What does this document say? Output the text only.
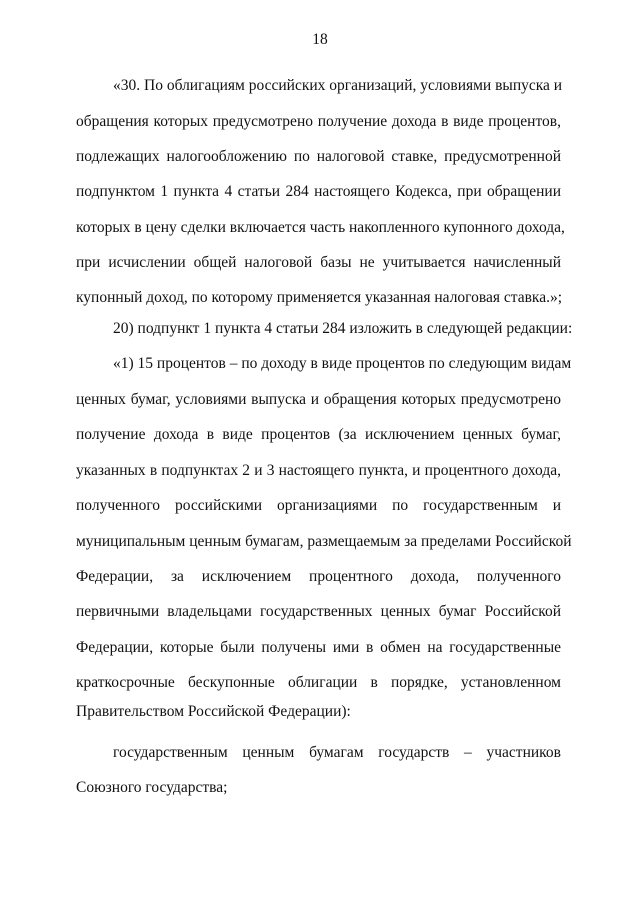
18
«30. По облигациям российских организаций, условиями выпуска и
обращения которых предусмотрено получение дохода в виде процентов,
подлежащих налогообложению по налоговой ставке, предусмотренной
подпунктом 1 пункта 4 статьи 284 настоящего Кодекса, при обращении
которых в цену сделки включается часть накопленного купонного дохода,
при исчислении общей налоговой базы не учитывается начисленный
купонный доход, по которому применяется указанная налоговая ставка.»;
20) подпункт 1 пункта 4 статьи 284 изложить в следующей редакции:
«1) 15 процентов – по доходу в виде процентов по следующим видам
ценных бумаг, условиями выпуска и обращения которых предусмотрено
получение дохода в виде процентов (за исключением ценных бумаг,
указанных в подпунктах 2 и 3 настоящего пункта, и процентного дохода,
полученного российскими организациями по государственным и
муниципальным ценным бумагам, размещаемым за пределами Российской
Федерации, за исключением процентного дохода, полученного
первичными владельцами государственных ценных бумаг Российской
Федерации, которые были получены ими в обмен на государственные
краткосрочные бескупонные облигации в порядке, установленном
Правительством Российской Федерации):
государственным ценным бумагам государств – участников
Союзного государства;
